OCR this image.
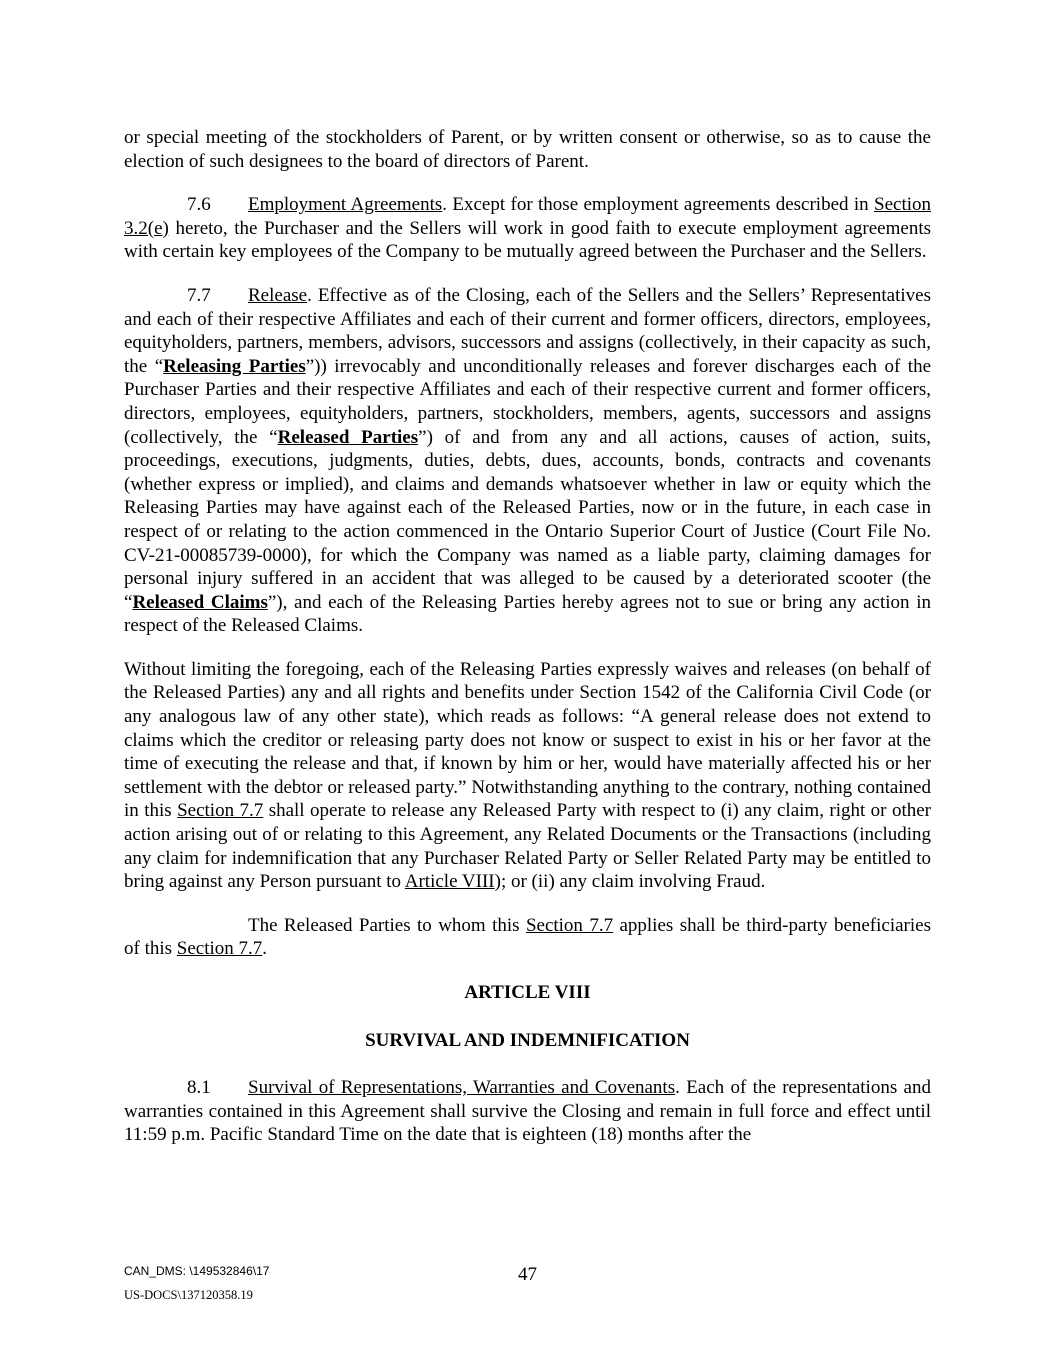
or special meeting of the stockholders of Parent, or by written consent or otherwise, so as to cause the election of such designees to the board of directors of Parent.

7.6 Employment Agreements. Except for those employment agreements described in Section 3.2(e) hereto, the Purchaser and the Sellers will work in good faith to execute employment agreements with certain key employees of the Company to be mutually agreed between the Purchaser and the Sellers.

7.7 Release. Effective as of the Closing, each of the Sellers and the Sellers’ Representatives and each of their respective Affiliates and each of their current and former officers, directors, employees, equityholders, partners, members, advisors, successors and assigns (collectively, in their capacity as such, the “Releasing Parties”)) irrevocably and unconditionally releases and forever discharges each of the Purchaser Parties and their respective Affiliates and each of their respective current and former officers, directors, employees, equityholders, partners, stockholders, members, agents, successors and assigns (collectively, the “Released Parties”) of and from any and all actions, causes of action, suits, proceedings, executions, judgments, duties, debts, dues, accounts, bonds, contracts and covenants (whether express or implied), and claims and demands whatsoever whether in law or equity which the Releasing Parties may have against each of the Released Parties, now or in the future, in each case in respect of or relating to the action commenced in the Ontario Superior Court of Justice (Court File No. CV-21-00085739-0000), for which the Company was named as a liable party, claiming damages for personal injury suffered in an accident that was alleged to be caused by a deteriorated scooter (the “Released Claims”), and each of the Releasing Parties hereby agrees not to sue or bring any action in respect of the Released Claims.

Without limiting the foregoing, each of the Releasing Parties expressly waives and releases (on behalf of the Released Parties) any and all rights and benefits under Section 1542 of the California Civil Code (or any analogous law of any other state), which reads as follows: “A general release does not extend to claims which the creditor or releasing party does not know or suspect to exist in his or her favor at the time of executing the release and that, if known by him or her, would have materially affected his or her settlement with the debtor or released party.” Notwithstanding anything to the contrary, nothing contained in this Section 7.7 shall operate to release any Released Party with respect to (i) any claim, right or other action arising out of or relating to this Agreement, any Related Documents or the Transactions (including any claim for indemnification that any Purchaser Related Party or Seller Related Party may be entitled to bring against any Person pursuant to Article VIII); or (ii) any claim involving Fraud.

The Released Parties to whom this Section 7.7 applies shall be third-party beneficiaries of this Section 7.7.

ARTICLE VIII

SURVIVAL AND INDEMNIFICATION

8.1 Survival of Representations, Warranties and Covenants. Each of the representations and warranties contained in this Agreement shall survive the Closing and remain in full force and effect until 11:59 p.m. Pacific Standard Time on the date that is eighteen (18) months after the

CAN_DMS: \149532846\17	47
US-DOCS\137120358.19
